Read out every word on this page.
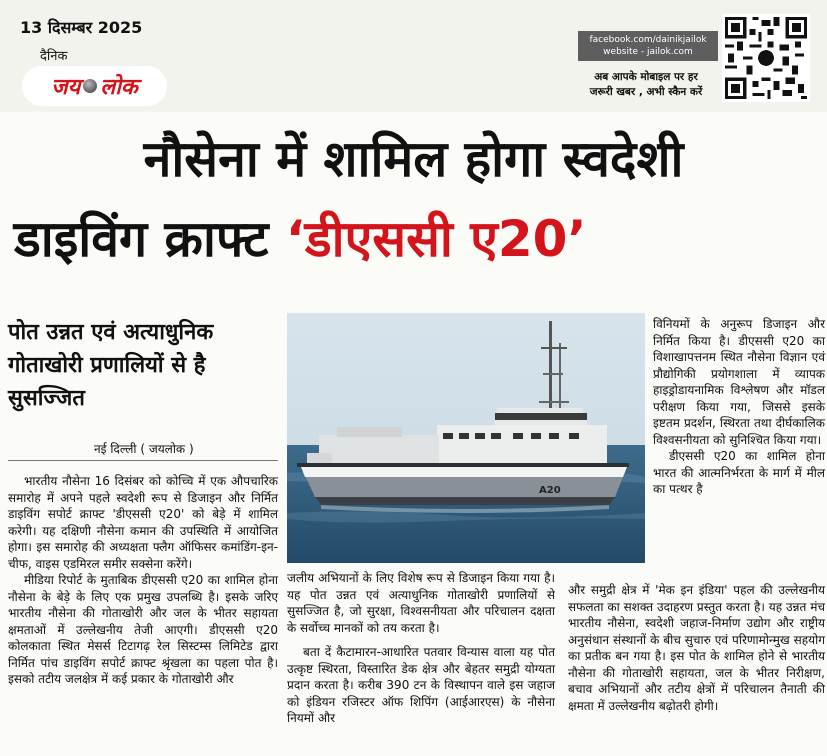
13 दिसम्बर 2025
दैनिक
जय लोक
facebook.com/dainikjailok
website - jailok.com
अब आपके मोबाइल पर हर
जरूरी खबर , अभी स्कैन करें
नौसेना में शामिल होगा स्वदेशी
डाइविंग क्राफ्ट ‘डीएससी ए20’
पोत उन्नत एवं अत्याधुनिक गोताखोरी प्रणालियों से है सुसज्जित
नई दिल्ली ( जयलोक )

भारतीय नौसेना 16 दिसंबर को कोच्चि में एक औपचारिक समारोह में अपने पहले स्वदेशी रूप से डिजाइन और निर्मित डाइविंग सपोर्ट क्राफ्ट 'डीएससी ए20' को बेड़े में शामिल करेगी। यह दक्षिणी नौसेना कमान की उपस्थिति में आयोजित होगा। इस समारोह की अध्यक्षता फ्लैग ऑफिसर कमांडिंग-इन-चीफ, वाइस एडमिरल समीर सक्सेना करेंगे।

मीडिया रिपोर्ट के मुताबिक डीएससी ए20 का शामिल होना नौसेना के बेड़े के लिए एक प्रमुख उपलब्धि है। इसके जरिए भारतीय नौसेना की गोताखोरी और जल के भीतर सहायता क्षमताओं में उल्लेखनीय तेजी आएगी। डीएससी ए20 कोलकाता स्थित मेसर्स टिटागढ़ रेल सिस्टम्स लिमिटेड द्वारा निर्मित पांच डाइविंग सपोर्ट क्राफ्ट श्रृंखला का पहला पोत है। इसको तटीय जलक्षेत्र में कई प्रकार के गोताखोरी और

A20

जलीय अभियानों के लिए विशेष रूप से डिजाइन किया गया है। यह पोत उन्नत एवं अत्याधुनिक गोताखोरी प्रणालियों से सुसज्जित है, जो सुरक्षा, विश्वसनीयता और परिचालन दक्षता के सर्वोच्च मानकों को तय करता है।

बता दें कैटामारन-आधारित पतवार विन्यास वाला यह पोत उत्कृष्ट स्थिरता, विस्तारित डेक क्षेत्र और बेहतर समुद्री योग्यता प्रदान करता है। करीब 390 टन के विस्थापन वाले इस जहाज को इंडियन रजिस्टर ऑफ शिपिंग (आईआरएस) के नौसेना नियमों और

विनियमों के अनुरूप डिजाइन और निर्मित किया है। डीएससी ए20 का विशाखापत्तनम स्थित नौसेना विज्ञान एवं प्रौद्योगिकी प्रयोगशाला में व्यापक हाइड्रोडायनामिक विश्लेषण और मॉडल परीक्षण किया गया, जिससे इसके इष्टतम प्रदर्शन, स्थिरता तथा दीर्घकालिक विश्वसनीयता को सुनिश्चित किया गया।

डीएससी ए20 का शामिल होना भारत की आत्मनिर्भरता के मार्ग में मील का पत्थर है

और समुद्री क्षेत्र में 'मेक इन इंडिया' पहल की उल्लेखनीय सफलता का सशक्त उदाहरण प्रस्तुत करता है। यह उन्नत मंच भारतीय नौसेना, स्वदेशी जहाज-निर्माण उद्योग और राष्ट्रीय अनुसंधान संस्थानों के बीच सुचारु एवं परिणामोन्मुख सहयोग का प्रतीक बन गया है। इस पोत के शामिल होने से भारतीय नौसेना की गोताखोरी सहायता, जल के भीतर निरीक्षण, बचाव अभियानों और तटीय क्षेत्रों में परिचालन तैनाती की क्षमता में उल्लेखनीय बढ़ोतरी होगी।
